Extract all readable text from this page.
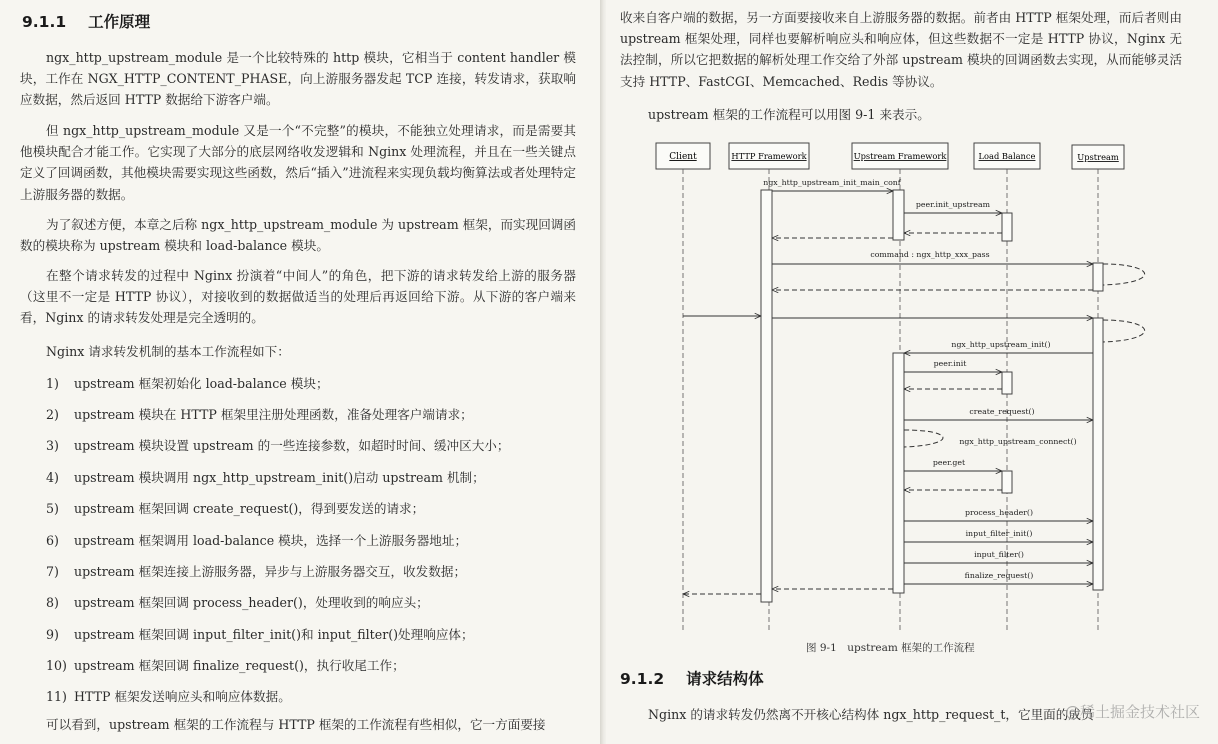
9.1.1 工作原理
ngx_http_upstream_module 是一个比较特殊的 http 模块，它相当于 content handler 模块，工作在 NGX_HTTP_CONTENT_PHASE，向上游服务器发起 TCP 连接，转发请求，获取响应数据，然后返回 HTTP 数据给下游客户端。
但 ngx_http_upstream_module 又是一个“不完整”的模块，不能独立处理请求，而是需要其他模块配合才能工作。它实现了大部分的底层网络收发逻辑和 Nginx 处理流程，并且在一些关键点定义了回调函数，其他模块需要实现这些函数，然后“插入”进流程来实现负载均衡算法或者处理特定上游服务器的数据。
为了叙述方便，本章之后称 ngx_http_upstream_module 为 upstream 框架，而实现回调函数的模块称为 upstream 模块和 load-balance 模块。
在整个请求转发的过程中 Nginx 扮演着“中间人”的角色，把下游的请求转发给上游的服务器（这里不一定是 HTTP 协议），对接收到的数据做适当的处理后再返回给下游。从下游的客户端来看，Nginx 的请求转发处理是完全透明的。
Nginx 请求转发机制的基本工作流程如下：
1) upstream 框架初始化 load-balance 模块；
2) upstream 模块在 HTTP 框架里注册处理函数，准备处理客户端请求；
3) upstream 模块设置 upstream 的一些连接参数，如超时时间、缓冲区大小；
4) upstream 模块调用 ngx_http_upstream_init()启动 upstream 机制；
5) upstream 框架回调 create_request()，得到要发送的请求；
6) upstream 框架调用 load-balance 模块，选择一个上游服务器地址；
7) upstream 框架连接上游服务器，异步与上游服务器交互，收发数据；
8) upstream 框架回调 process_header()，处理收到的响应头；
9) upstream 框架回调 input_filter_init()和 input_filter()处理响应体；
10) upstream 框架回调 finalize_request()，执行收尾工作；
11) HTTP 框架发送响应头和响应体数据。
可以看到，upstream 框架的工作流程与 HTTP 框架的工作流程有些相似，它一方面要接
收来自客户端的数据，另一方面要接收来自上游服务器的数据。前者由 HTTP 框架处理，而后者则由 upstream 框架处理，同样也要解析响应头和响应体，但这些数据不一定是 HTTP 协议，Nginx 无法控制，所以它把数据的解析处理工作交给了外部 upstream 模块的回调函数去实现，从而能够灵活支持 HTTP、FastCGI、Memcached、Redis 等协议。
upstream 框架的工作流程可以用图 9-1 来表示。
Client	HTTP Framework	Upstream Framework	Load Balance	Upstream
ngx_http_upstream_init_main_conf
peer.init_upstream
command : ngx_http_xxx_pass
ngx_http_upstream_init()
peer.init
create_request()
ngx_http_upstream_connect()
peer.get
process_header()
input_filter_init()
input_filter()
finalize_request()
图 9-1　upstream 框架的工作流程
9.1.2 请求结构体
Nginx 的请求转发仍然离不开核心结构体 ngx_http_request_t，它里面的成员
@稀土掘金技术社区
